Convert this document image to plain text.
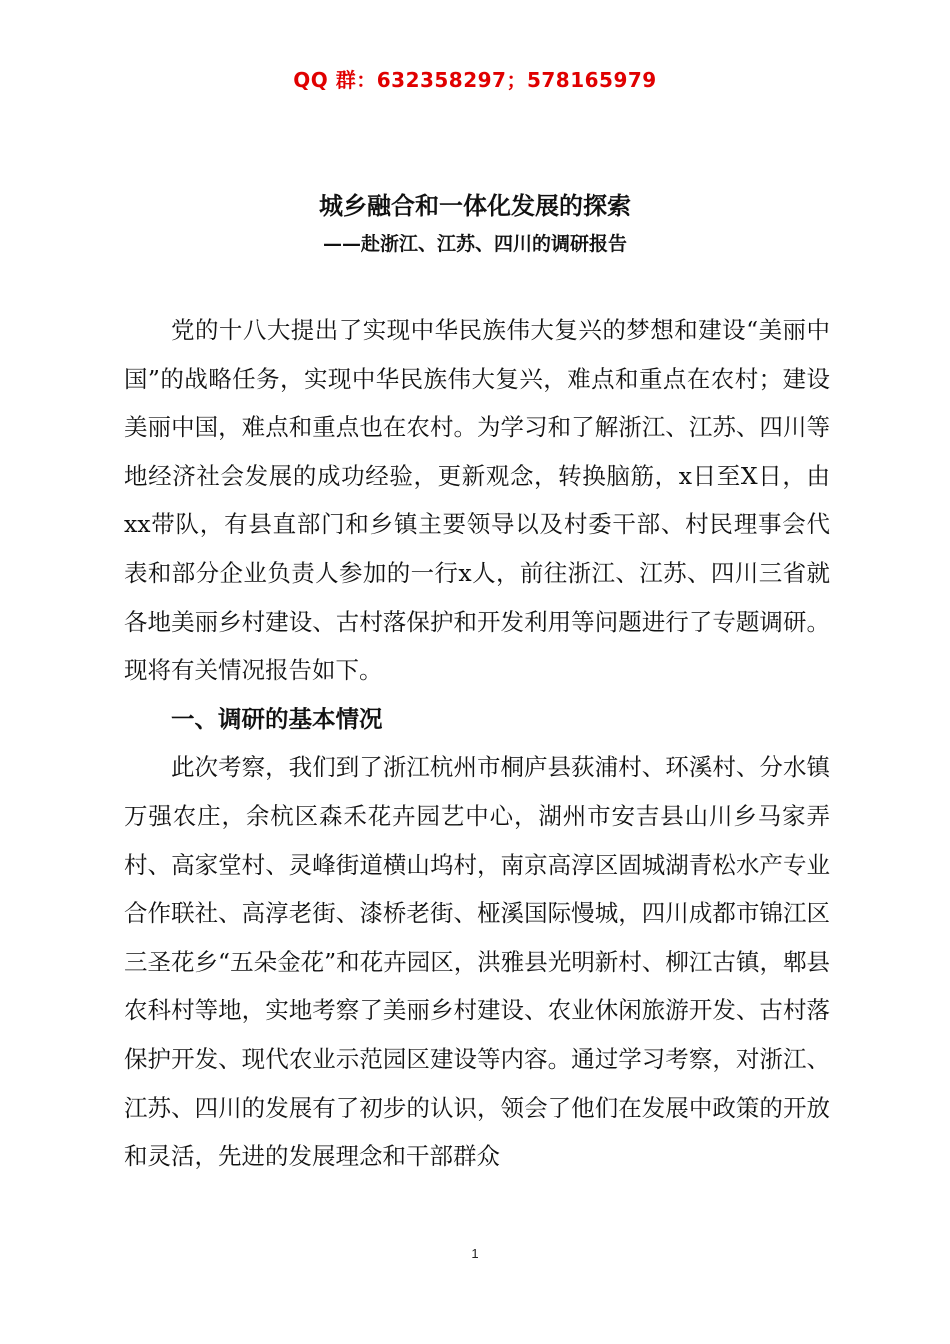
QQ 群：632358297；578165979
城乡融合和一体化发展的探索
——赴浙江、江苏、四川的调研报告

党的十八大提出了实现中华民族伟大复兴的梦想和建设“美丽中国”的战略任务，实现中华民族伟大复兴，难点和重点在农村；建设美丽中国，难点和重点也在农村。为学习和了解浙江、江苏、四川等地经济社会发展的成功经验，更新观念，转换脑筋，x日至X日，由xx带队，有县直部门和乡镇主要领导以及村委干部、村民理事会代表和部分企业负责人参加的一行x人，前往浙江、江苏、四川三省就各地美丽乡村建设、古村落保护和开发利用等问题进行了专题调研。现将有关情况报告如下。

一、调研的基本情况

此次考察，我们到了浙江杭州市桐庐县荻浦村、环溪村、分水镇万强农庄，余杭区森禾花卉园艺中心，湖州市安吉县山川乡马家弄村、高家堂村、灵峰街道横山坞村，南京高淳区固城湖青松水产专业合作联社、高淳老街、漆桥老街、桠溪国际慢城，四川成都市锦江区三圣花乡“五朵金花”和花卉园区，洪雅县光明新村、柳江古镇，郫县农科村等地，实地考察了美丽乡村建设、农业休闲旅游开发、古村落保护开发、现代农业示范园区建设等内容。通过学习考察，对浙江、江苏、四川的发展有了初步的认识，领会了他们在发展中政策的开放和灵活，先进的发展理念和干部群众

1
